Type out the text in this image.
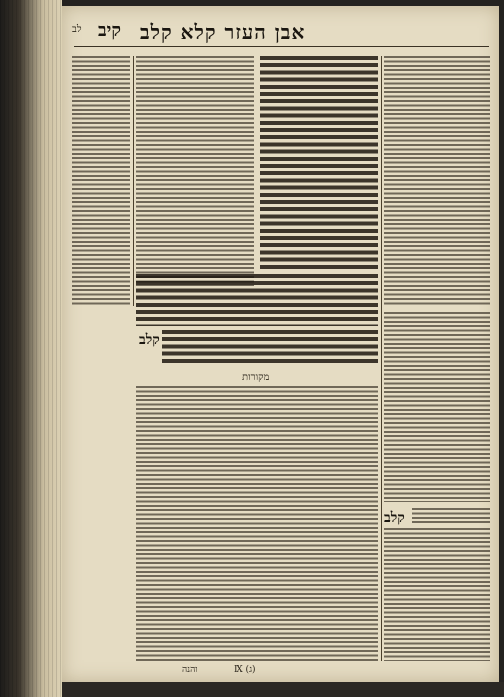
קלב
מקורות
קלב
Ⅸ (ג)
והנה
אבן העזר קלא קלב
קיב
לב
